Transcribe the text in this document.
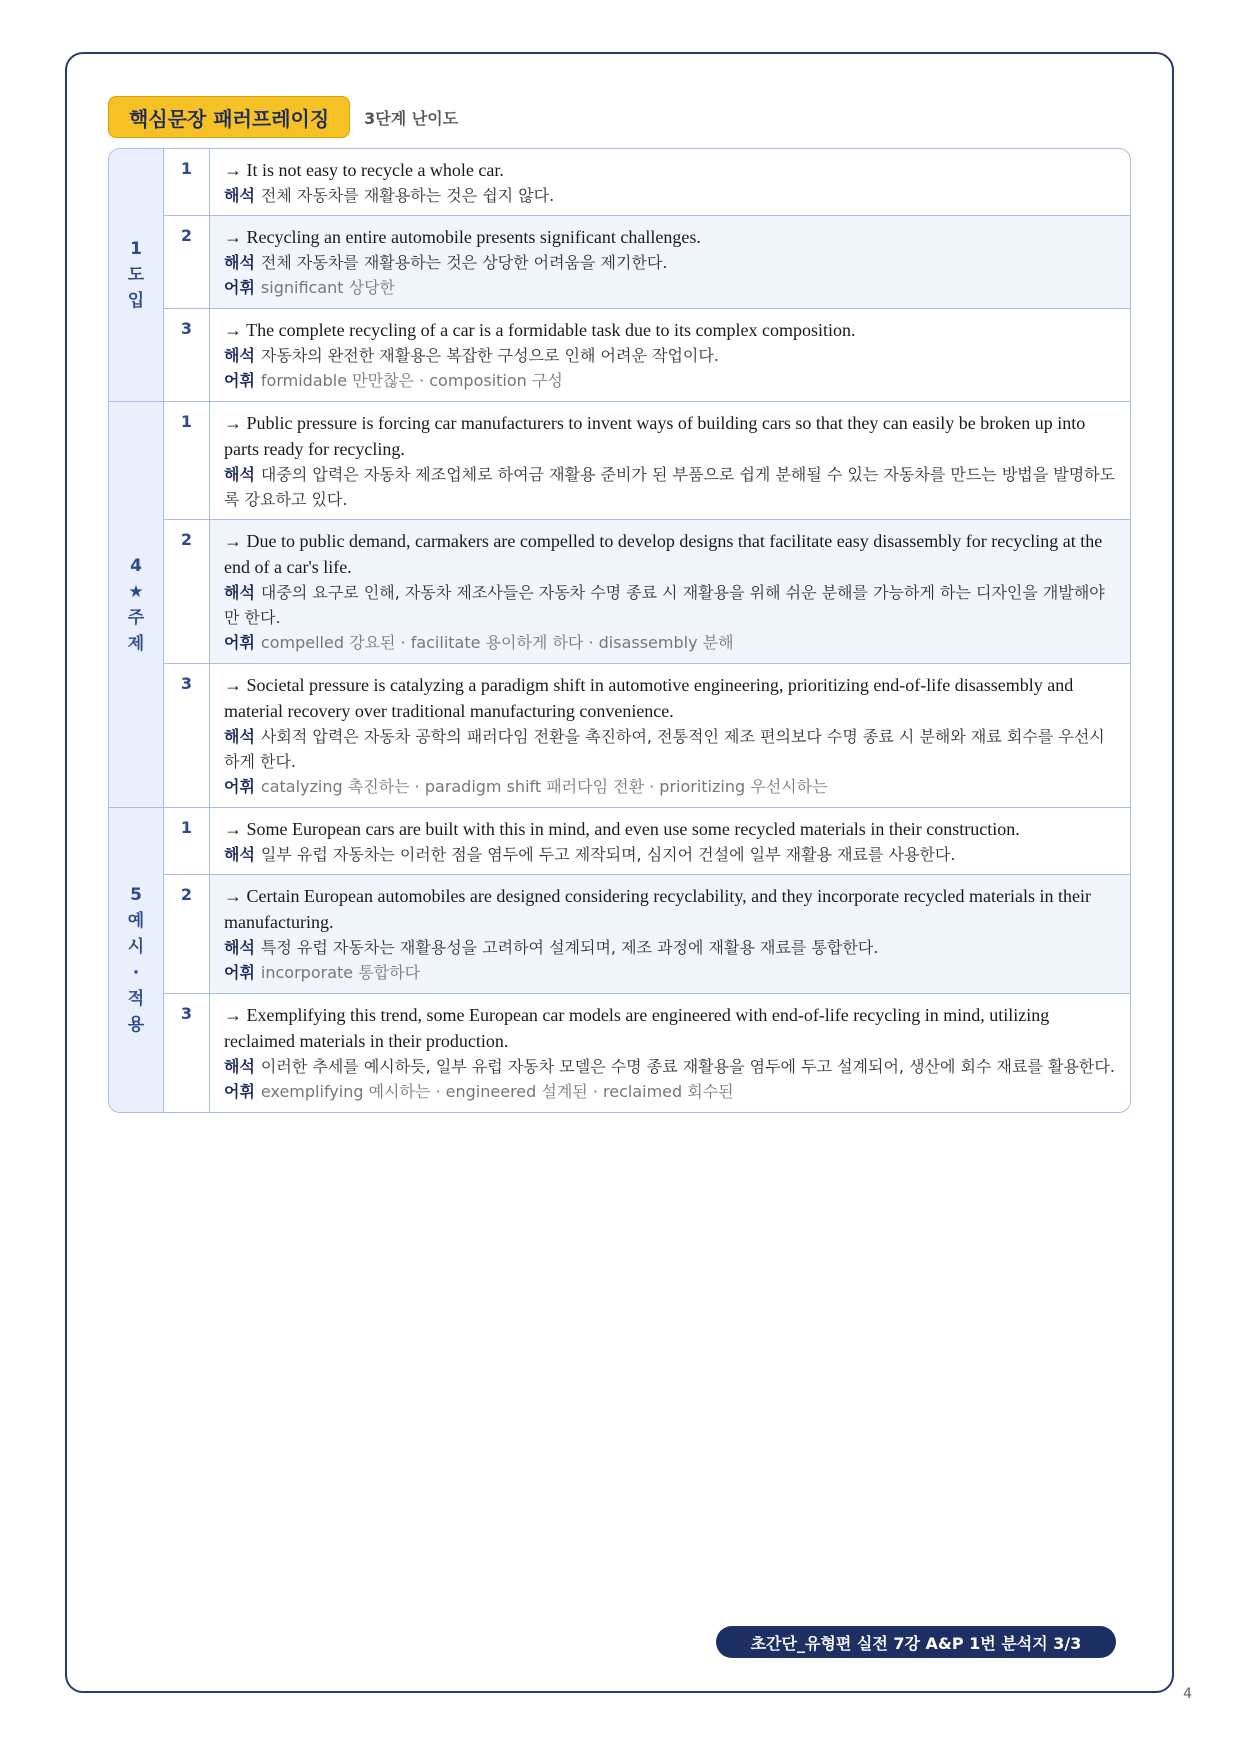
핵심문장 패러프레이징	3단계 난이도
1 도 입
1	→ It is not easy to recycle a whole car.
해석 전체 자동차를 재활용하는 것은 쉽지 않다.
2	→ Recycling an entire automobile presents significant challenges.
해석 전체 자동차를 재활용하는 것은 상당한 어려움을 제기한다.
어휘 significant 상당한
3	→ The complete recycling of a car is a formidable task due to its complex composition.
해석 자동차의 완전한 재활용은 복잡한 구성으로 인해 어려운 작업이다.
어휘 formidable 만만찮은 · composition 구성
4 ★ 주 제
1	→ Public pressure is forcing car manufacturers to invent ways of building cars so that they can easily be broken up into parts ready for recycling.
해석 대중의 압력은 자동차 제조업체로 하여금 재활용 준비가 된 부품으로 쉽게 분해될 수 있는 자동차를 만드는 방법을 발명하도록 강요하고 있다.
2	→ Due to public demand, carmakers are compelled to develop designs that facilitate easy disassembly for recycling at the end of a car's life.
해석 대중의 요구로 인해, 자동차 제조사들은 자동차 수명 종료 시 재활용을 위해 쉬운 분해를 가능하게 하는 디자인을 개발해야만 한다.
어휘 compelled 강요된 · facilitate 용이하게 하다 · disassembly 분해
3	→ Societal pressure is catalyzing a paradigm shift in automotive engineering, prioritizing end-of-life disassembly and material recovery over traditional manufacturing convenience.
해석 사회적 압력은 자동차 공학의 패러다임 전환을 촉진하여, 전통적인 제조 편의보다 수명 종료 시 분해와 재료 회수를 우선시하게 한다.
어휘 catalyzing 촉진하는 · paradigm shift 패러다임 전환 · prioritizing 우선시하는
5 예 시· 적 용
1	→ Some European cars are built with this in mind, and even use some recycled materials in their construction.
해석 일부 유럽 자동차는 이러한 점을 염두에 두고 제작되며, 심지어 건설에 일부 재활용 재료를 사용한다.
2	→ Certain European automobiles are designed considering recyclability, and they incorporate recycled materials in their manufacturing.
해석 특정 유럽 자동차는 재활용성을 고려하여 설계되며, 제조 과정에 재활용 재료를 통합한다.
어휘 incorporate 통합하다
3	→ Exemplifying this trend, some European car models are engineered with end-of-life recycling in mind, utilizing reclaimed materials in their production.
해석 이러한 추세를 예시하듯, 일부 유럽 자동차 모델은 수명 종료 재활용을 염두에 두고 설계되어, 생산에 회수 재료를 활용한다.
어휘 exemplifying 예시하는 · engineered 설계된 · reclaimed 회수된
초간단_유형편 실전 7강 A&P 1번 분석지 3/3
4
